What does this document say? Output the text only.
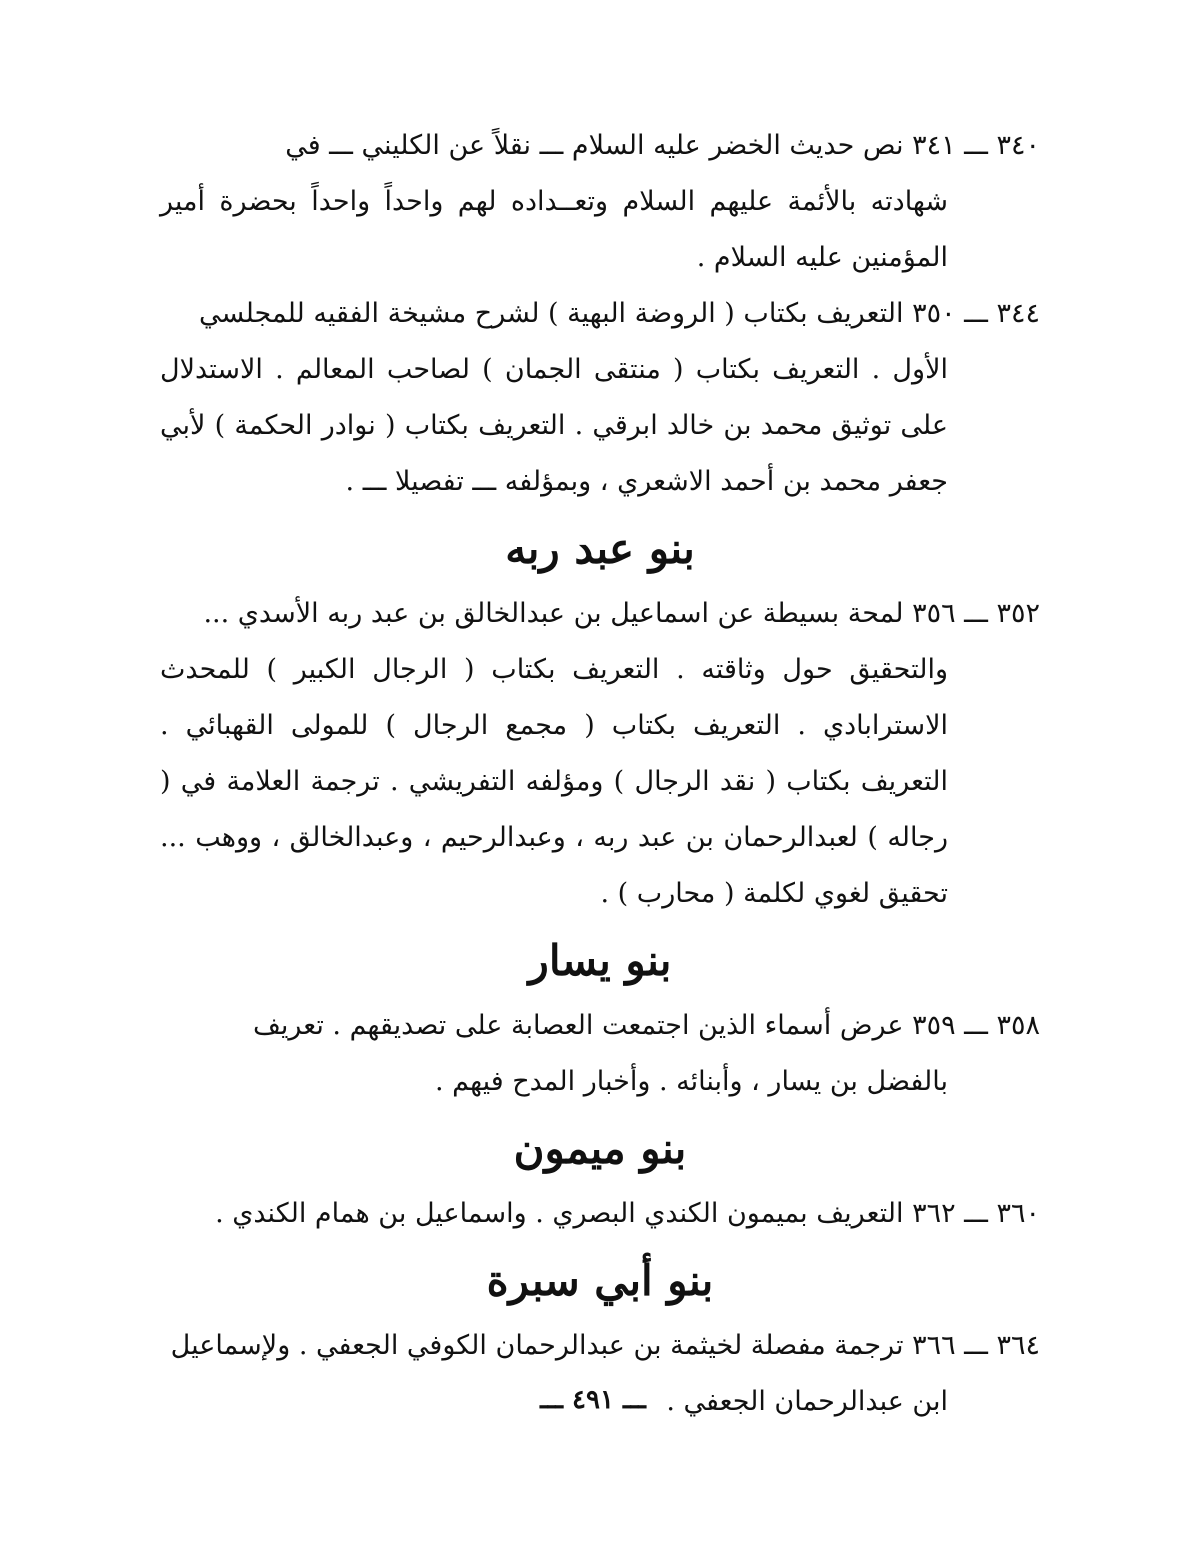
٣٤٠ ـــ ٣٤١ نص حديث الخضر عليه السلام ـــ نقلاً عن الكليني ـــ في
شهادته بالأئمة عليهم السلام وتعــداده لهم واحداً واحداً بحضرة أمير المؤمنين عليه السلام .

٣٤٤ ـــ ٣٥٠ التعريف بكتاب ( الروضة البهية ) لشرح مشيخة الفقيه للمجلسي
الأول . التعريف بكتاب ( منتقى الجمان ) لصاحب المعالم . الاستدلال على توثيق محمد بن خالد ابرقي . التعريف بكتاب ( نوادر الحكمة ) لأبي جعفر محمد بن أحمد الاشعري ، وبمؤلفه ـــ تفصيلا ـــ .

بنو عبد ربه

٣٥٢ ـــ ٣٥٦ لمحة بسيطة عن اسماعيل بن عبدالخالق بن عبد ربه الأسدي ...
والتحقيق حول وثاقته . التعريف بكتاب ( الرجال الكبير ) للمحدث الاسترابادي . التعريف بكتاب ( مجمع الرجال ) للمولى القهبائي . التعريف بكتاب ( نقد الرجال ) ومؤلفه التفريشي . ترجمة العلامة في ( رجاله ) لعبدالرحمان بن عبد ربه ، وعبدالرحيم ، وعبدالخالق ، ووهب ... تحقيق لغوي لكلمة ( محارب ) .

بنو يسار

٣٥٨ ـــ ٣٥٩ عرض أسماء الذين اجتمعت العصابة على تصديقهم . تعريف
بالفضل بن يسار ، وأبنائه . وأخبار المدح فيهم .

بنو ميمون

٣٦٠ ـــ ٣٦٢ التعريف بميمون الكندي البصري . واسماعيل بن همام الكندي .

بنو أبي سبرة

٣٦٤ ـــ ٣٦٦ ترجمة مفصلة لخيثمة بن عبدالرحمان الكوفي الجعفي . ولإسماعيل
ابن عبدالرحمان الجعفي .

ـــ ٤٩١ ـــ
